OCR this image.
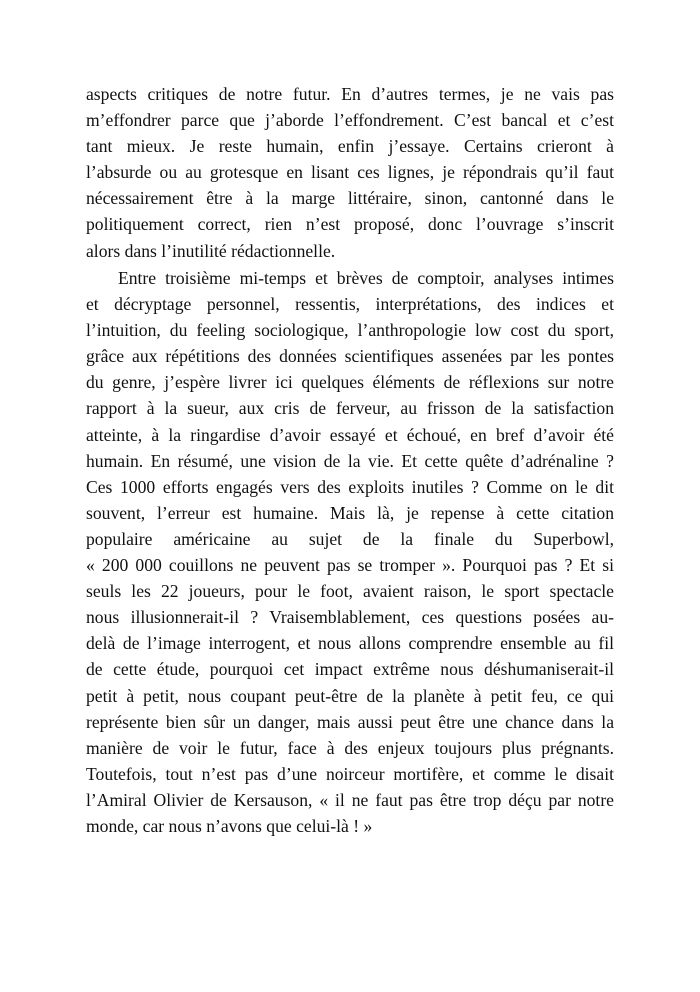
aspects critiques de notre futur. En d’autres termes, je ne vais pas
m’effondrer parce que j’aborde l’effondrement. C’est bancal et c’est
tant mieux. Je reste humain, enfin j’essaye. Certains crieront à
l’absurde ou au grotesque en lisant ces lignes, je répondrais qu’il faut
nécessairement être à la marge littéraire, sinon, cantonné dans le
politiquement correct, rien n’est proposé, donc l’ouvrage s’inscrit
alors dans l’inutilité rédactionnelle.
Entre troisième mi-temps et brèves de comptoir, analyses intimes
et décryptage personnel, ressentis, interprétations, des indices et
l’intuition, du feeling sociologique, l’anthropologie low cost du sport,
grâce aux répétitions des données scientifiques assenées par les pontes
du genre, j’espère livrer ici quelques éléments de réflexions sur notre
rapport à la sueur, aux cris de ferveur, au frisson de la satisfaction
atteinte, à la ringardise d’avoir essayé et échoué, en bref d’avoir été
humain. En résumé, une vision de la vie. Et cette quête d’adrénaline ?
Ces 1000 efforts engagés vers des exploits inutiles ? Comme on le dit
souvent, l’erreur est humaine. Mais là, je repense à cette citation
populaire américaine au sujet de la finale du Superbowl,
« 200 000 couillons ne peuvent pas se tromper ». Pourquoi pas ? Et si
seuls les 22 joueurs, pour le foot, avaient raison, le sport spectacle
nous illusionnerait-il ? Vraisemblablement, ces questions posées au-
delà de l’image interrogent, et nous allons comprendre ensemble au fil
de cette étude, pourquoi cet impact extrême nous déshumaniserait-il
petit à petit, nous coupant peut-être de la planète à petit feu, ce qui
représente bien sûr un danger, mais aussi peut être une chance dans la
manière de voir le futur, face à des enjeux toujours plus prégnants.
Toutefois, tout n’est pas d’une noirceur mortifère, et comme le disait
l’Amiral Olivier de Kersauson, « il ne faut pas être trop déçu par notre
monde, car nous n’avons que celui-là ! »
